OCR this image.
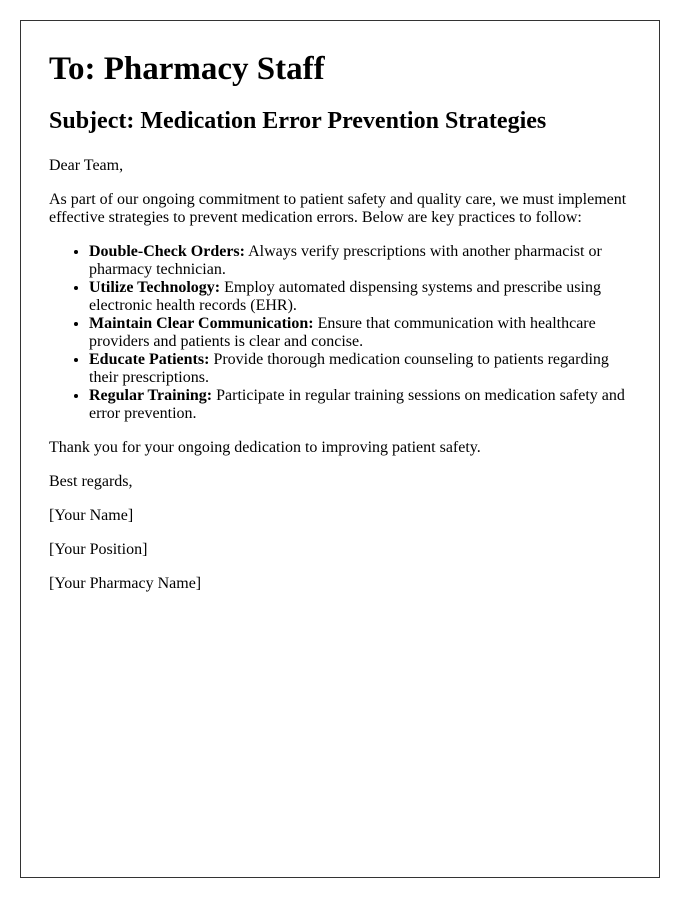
To: Pharmacy Staff
Subject: Medication Error Prevention Strategies

Dear Team,

As part of our ongoing commitment to patient safety and quality care, we must implement effective strategies to prevent medication errors. Below are key practices to follow:

• Double-Check Orders: Always verify prescriptions with another pharmacist or pharmacy technician.
• Utilize Technology: Employ automated dispensing systems and prescribe using electronic health records (EHR).
• Maintain Clear Communication: Ensure that communication with healthcare providers and patients is clear and concise.
• Educate Patients: Provide thorough medication counseling to patients regarding their prescriptions.
• Regular Training: Participate in regular training sessions on medication safety and error prevention.

Thank you for your ongoing dedication to improving patient safety.

Best regards,

[Your Name]

[Your Position]

[Your Pharmacy Name]
